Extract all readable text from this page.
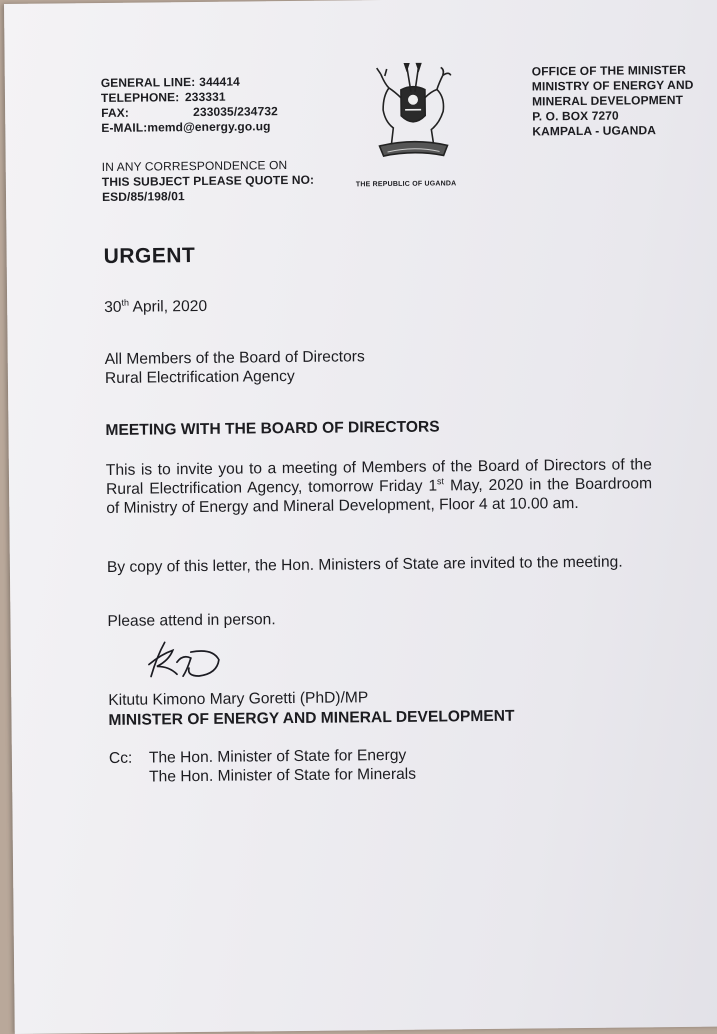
GENERAL LINE: 344414
TELEPHONE: 233331
FAX:	233035/234732
E-MAIL:memd@energy.go.ug
IN ANY CORRESPONDENCE ON
THIS SUBJECT PLEASE QUOTE NO:
ESD/85/198/01
THE REPUBLIC OF UGANDA
OFFICE OF THE MINISTER
MINISTRY OF ENERGY AND
MINERAL DEVELOPMENT
P. O. BOX 7270
KAMPALA - UGANDA
URGENT
30th April, 2020
All Members of the Board of Directors
Rural Electrification Agency
MEETING WITH THE BOARD OF DIRECTORS
This is to invite you to a meeting of Members of the Board of Directors of the Rural Electrification Agency, tomorrow Friday 1st May, 2020 in the Boardroom of Ministry of Energy and Mineral Development, Floor 4 at 10.00 am.
By copy of this letter, the Hon. Ministers of State are invited to the meeting.
Please attend in person.
Kitutu Kimono Mary Goretti (PhD)/MP
MINISTER OF ENERGY AND MINERAL DEVELOPMENT
Cc: The Hon. Minister of State for Energy
The Hon. Minister of State for Minerals
